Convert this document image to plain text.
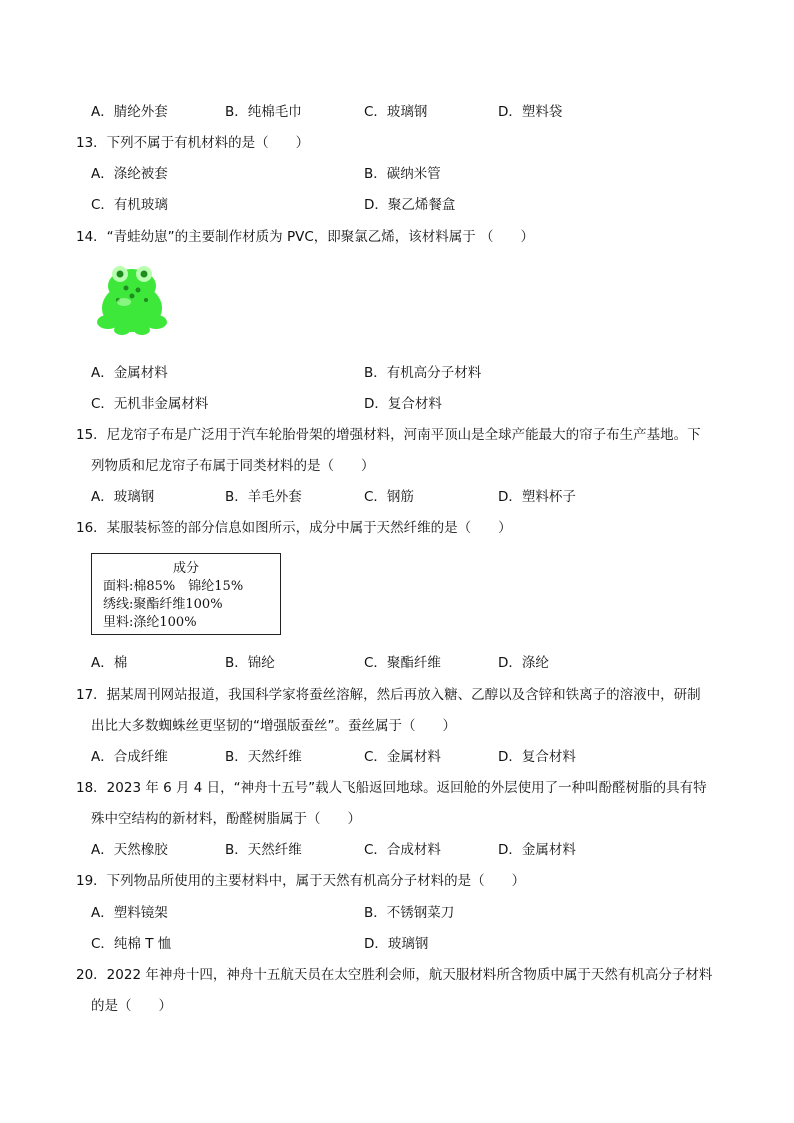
A．腈纶外套	B．纯棉毛巾	C．玻璃钢	D．塑料袋
13．下列不属于有机材料的是（　　）
A．涤纶被套	B．碳纳米管
C．有机玻璃	D．聚乙烯餐盒
14．“青蛙幼崽”的主要制作材质为 PVC，即聚氯乙烯，该材料属于 （　　）
A．金属材料	B．有机高分子材料
C．无机非金属材料	D．复合材料
15．尼龙帘子布是广泛用于汽车轮胎骨架的增强材料，河南平顶山是全球产能最大的帘子布生产基地。下
列物质和尼龙帘子布属于同类材料的是（　　）
A．玻璃钢	B．羊毛外套	C．钢筋	D．塑料杯子
16．某服装标签的部分信息如图所示，成分中属于天然纤维的是（　　）
成分
面料:棉85%　锦纶15%
绣线:聚酯纤维100%
里料:涤纶100%
A．棉	B．锦纶	C．聚酯纤维	D．涤纶
17．据某周刊网站报道，我国科学家将蚕丝溶解，然后再放入糖、乙醇以及含锌和铁离子的溶液中，研制
出比大多数蜘蛛丝更坚韧的“增强版蚕丝”。蚕丝属于（　　）
A．合成纤维	B．天然纤维	C．金属材料	D．复合材料
18．2023 年 6 月 4 日，“神舟十五号”载人飞船返回地球。返回舱的外层使用了一种叫酚醛树脂的具有特
殊中空结构的新材料，酚醛树脂属于（　　）
A．天然橡胶	B．天然纤维	C．合成材料	D．金属材料
19．下列物品所使用的主要材料中，属于天然有机高分子材料的是（　　）
A．塑料镜架	B．不锈钢菜刀
C．纯棉 T 恤	D．玻璃钢
20．2022 年神舟十四，神舟十五航天员在太空胜利会师，航天服材料所含物质中属于天然有机高分子材料
的是（　　）
